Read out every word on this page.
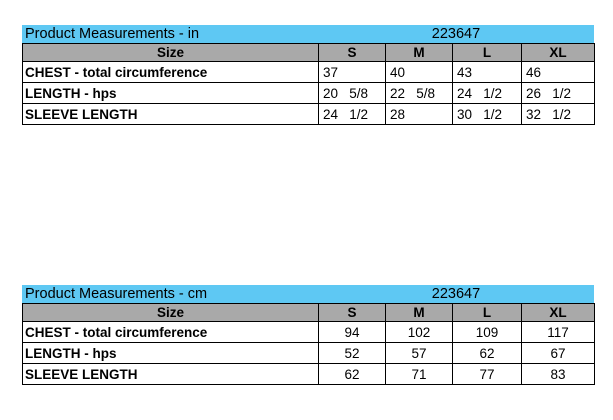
Product Measurements - in	223647
Size	S	M	L	XL
CHEST - total circumference	37	40	43	46
LENGTH - hps	20   5/8	22   5/8	24   1/2	26   1/2
SLEEVE LENGTH	24   1/2	28	30   1/2	32   1/2
Product Measurements - cm	223647
Size	S	M	L	XL
CHEST - total circumference	94	102	109	117
LENGTH - hps	52	57	62	67
SLEEVE LENGTH	62	71	77	83
